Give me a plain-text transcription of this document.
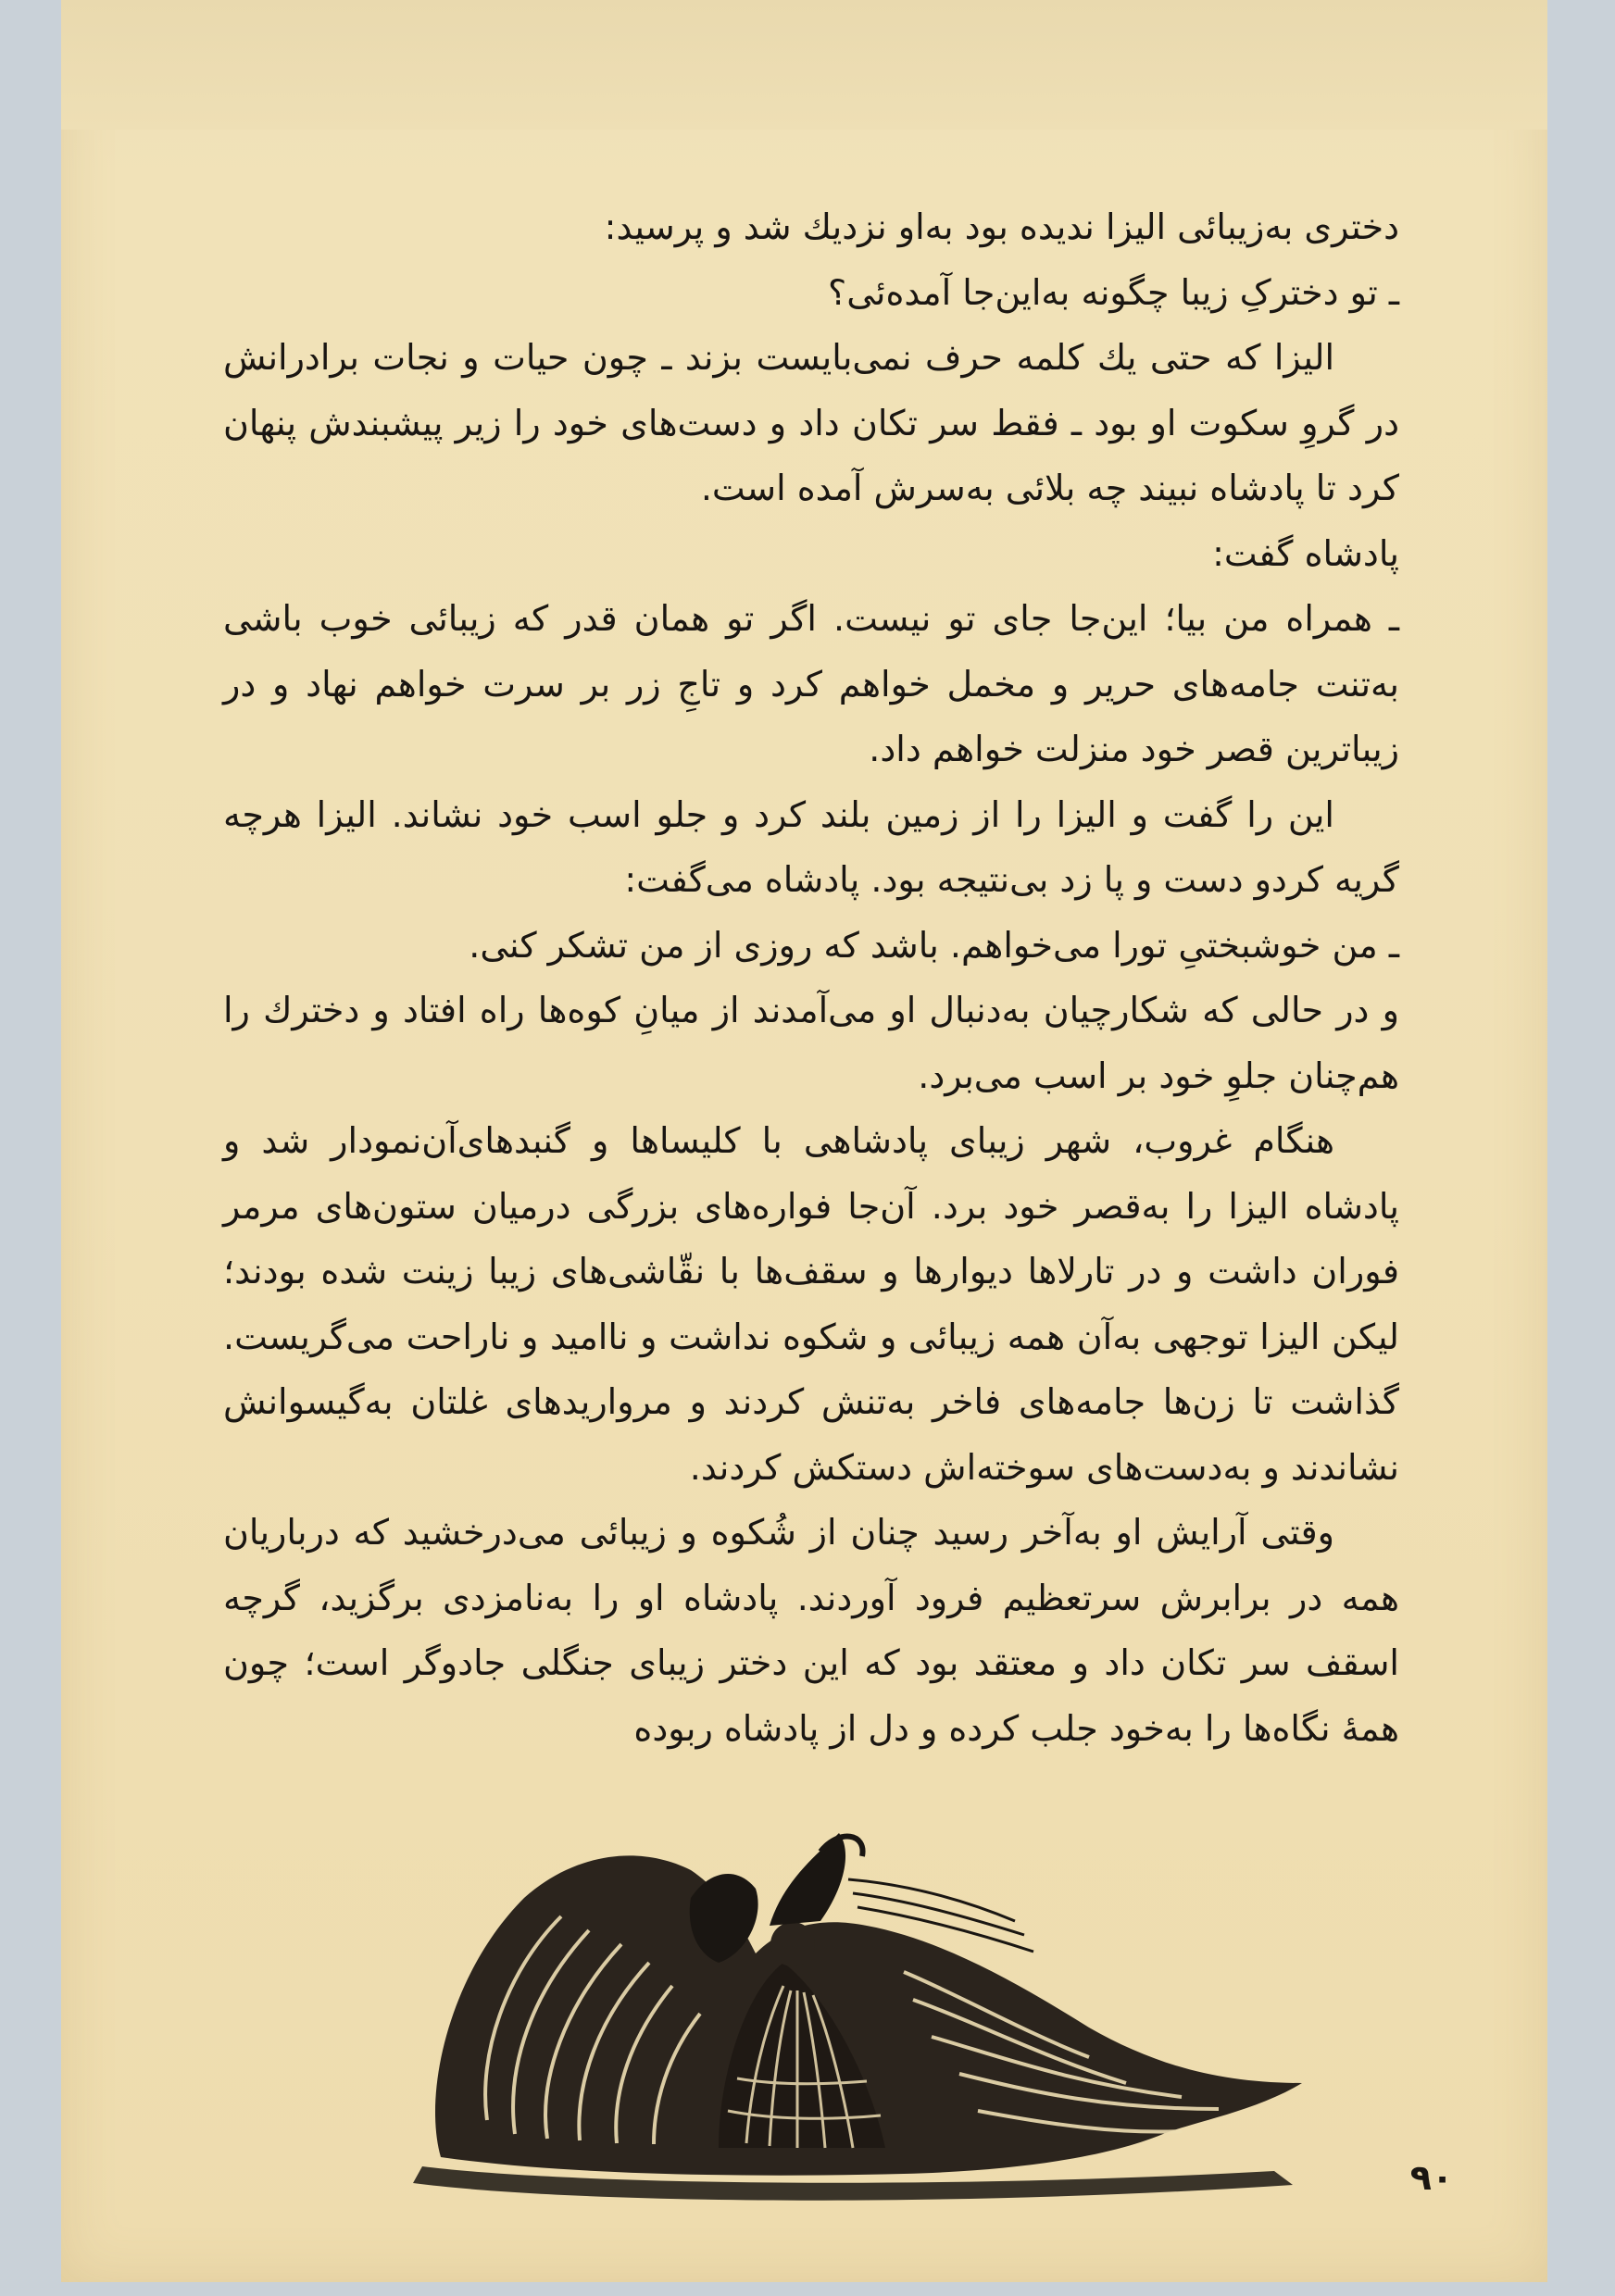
دختری به‌زیبائی الیزا ندیده بود به‌او نزدیك شد و پرسید:

ـ تو دخترکِ زیبا چگونه به‌این‌جا آمده‌ئی؟

الیزا که حتی یك کلمه حرف نمی‌بایست بزند ـ چون حیات و نجات برادرانش در گروِ سکوت او بود ـ فقط سر تکان داد و دست‌های خود را زیر پیشبندش پنهان کرد تا پادشاه نبیند چه بلائی به‌سرش آمده است.

پادشاه گفت:

ـ همراه من بیا؛ این‌جا جای تو نیست. اگر تو همان قدر که زیبائی خوب باشی به‌تنت جامه‌های حریر و مخمل خواهم کرد و تاجِ زر بر سرت خواهم نهاد و در زیباترین قصر خود منزلت خواهم داد.

این را گفت و الیزا را از زمین بلند کرد و جلو اسب خود نشاند. الیزا هرچه گریه کردو دست و پا زد بی‌نتیجه بود. پادشاه می‌گفت:

ـ من خوشبختیِ تورا می‌خواهم. باشد که روزی از من تشکر کنی.

و در حالی که شکارچیان به‌دنبال او می‌آمدند از میانِ کوه‌ها راه افتاد و دخترك را هم‌چنان جلوِ خود بر اسب می‌برد.

هنگام غروب، شهر زیبای پادشاهی با کلیساها و گنبدهای‌آن‌نمودار شد و پادشاه الیزا را به‌قصر خود برد. آن‌جا فواره‌های بزرگی درمیان ستون‌های مرمر فوران داشت و در تارلاها دیوارها و سقف‌ها با نقّاشی‌های زیبا زینت شده بودند؛ لیکن الیزا توجهی به‌آن همه زیبائی و شکوه نداشت و ناامید و ناراحت می‌گریست. گذاشت تا زن‌ها جامه‌های فاخر به‌تنش کردند و مرواریدهای غلتان به‌گیسوانش نشاندند و به‌دست‌های سوخته‌اش دستکش کردند.

وقتی آرایش او به‌آخر رسید چنان از شُکوه و زیبائی می‌درخشید که درباریان همه در برابرش سرتعظیم فرود آوردند. پادشاه او را به‌نامزدی برگزید، گرچه اسقف سر تکان داد و معتقد بود که این دختر زیبای جنگلی جادوگر است؛ چون همهٔ نگاه‌ها را به‌خود جلب کرده و دل از پادشاه ربوده

۹۰
